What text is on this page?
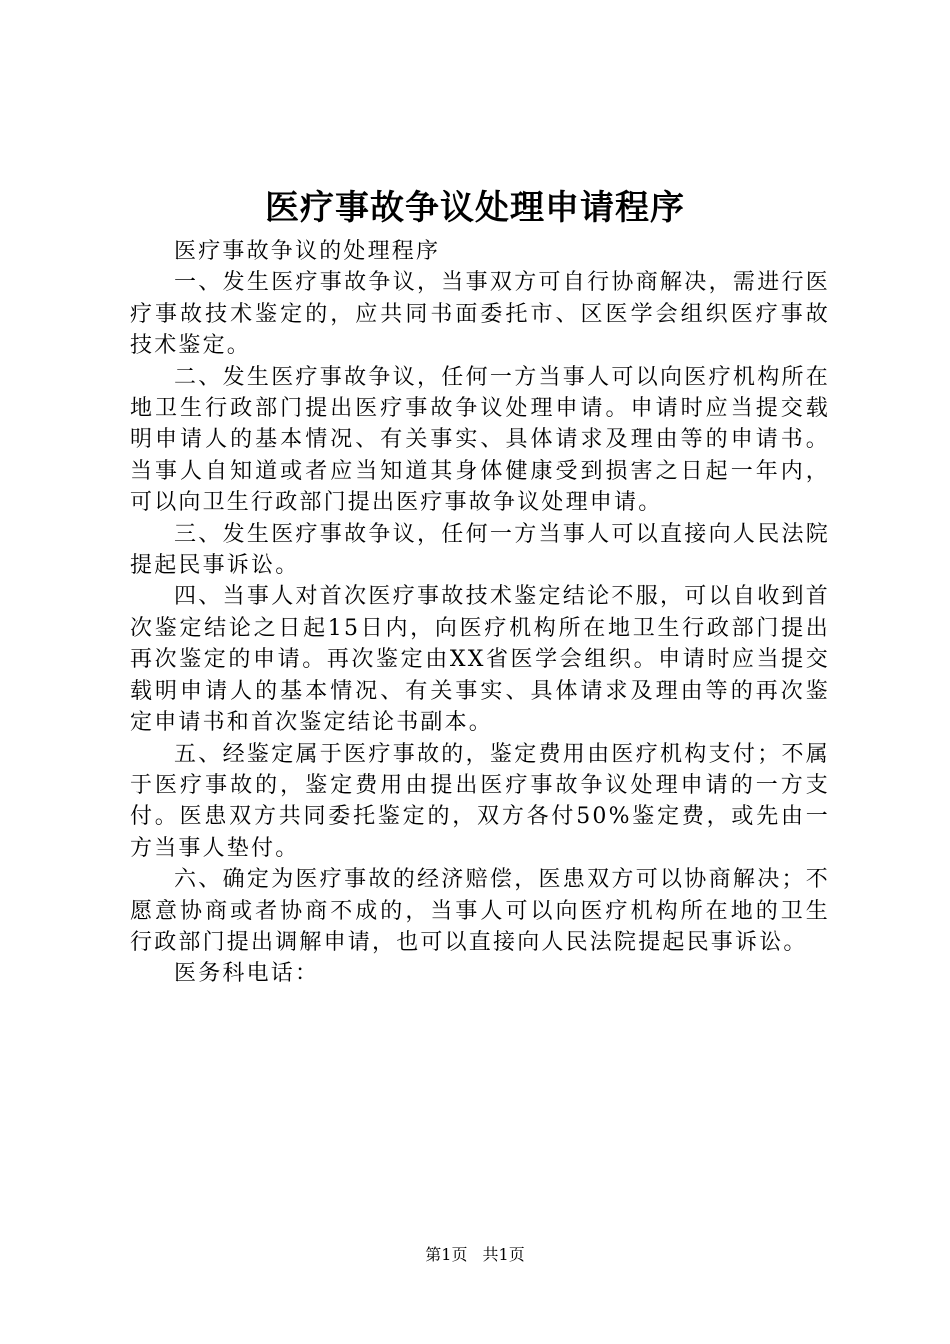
医疗事故争议处理申请程序

医疗事故争议的处理程序

一、发生医疗事故争议，当事双方可自行协商解决，需进行医疗事故技术鉴定的，应共同书面委托市、区医学会组织医疗事故技术鉴定。

二、发生医疗事故争议，任何一方当事人可以向医疗机构所在地卫生行政部门提出医疗事故争议处理申请。申请时应当提交载明申请人的基本情况、有关事实、具体请求及理由等的申请书。当事人自知道或者应当知道其身体健康受到损害之日起一年内，可以向卫生行政部门提出医疗事故争议处理申请。

三、发生医疗事故争议，任何一方当事人可以直接向人民法院提起民事诉讼。

四、当事人对首次医疗事故技术鉴定结论不服，可以自收到首次鉴定结论之日起15日内，向医疗机构所在地卫生行政部门提出再次鉴定的申请。再次鉴定由XX省医学会组织。申请时应当提交载明申请人的基本情况、有关事实、具体请求及理由等的再次鉴定申请书和首次鉴定结论书副本。

五、经鉴定属于医疗事故的，鉴定费用由医疗机构支付；不属于医疗事故的，鉴定费用由提出医疗事故争议处理申请的一方支付。医患双方共同委托鉴定的，双方各付50%鉴定费，或先由一方当事人垫付。

六、确定为医疗事故的经济赔偿，医患双方可以协商解决；不愿意协商或者协商不成的，当事人可以向医疗机构所在地的卫生行政部门提出调解申请，也可以直接向人民法院提起民事诉讼。

医务科电话：

第1页 共1页
